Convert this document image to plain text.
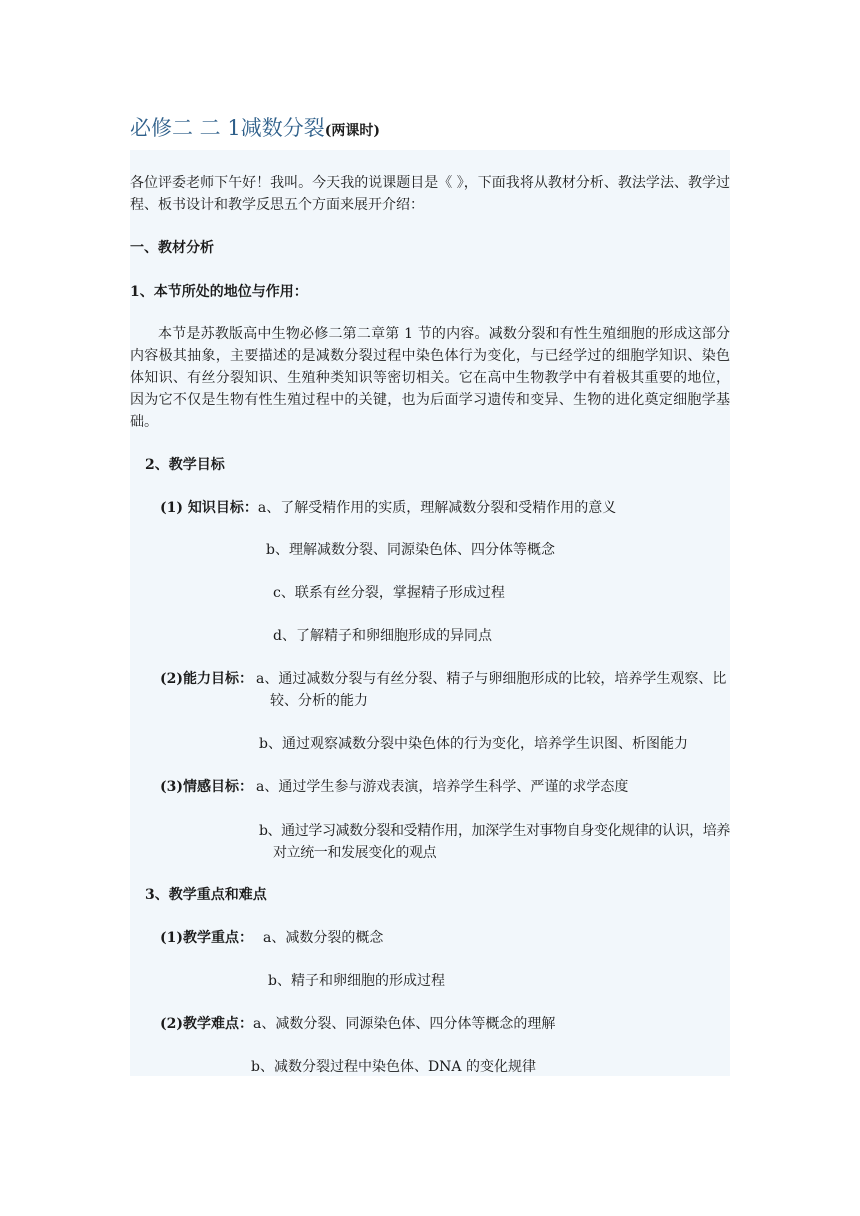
必修二 二 1减数分裂(两课时)
各位评委老师下午好！我叫。今天我的说课题目是《 》，下面我将从教材分析、教法学法、教学过程、板书设计和教学反思五个方面来展开介绍：
一、教材分析
1、本节所处的地位与作用：
本节是苏教版高中生物必修二第二章第 1 节的内容。减数分裂和有性生殖细胞的形成这部分内容极其抽象，主要描述的是减数分裂过程中染色体行为变化，与已经学过的细胞学知识、染色体知识、有丝分裂知识、生殖种类知识等密切相关。它在高中生物教学中有着极其重要的地位，因为它不仅是生物有性生殖过程中的关键，也为后面学习遗传和变异、生物的进化奠定细胞学基础。
2、教学目标
(1) 知识目标：a、了解受精作用的实质，理解减数分裂和受精作用的意义
b、理解减数分裂、同源染色体、四分体等概念
c、联系有丝分裂，掌握精子形成过程
d、了解精子和卵细胞形成的异同点
(2)能力目标： a、通过减数分裂与有丝分裂、精子与卵细胞形成的比较，培养学生观察、比较、分析的能力
b、通过观察减数分裂中染色体的行为变化，培养学生识图、析图能力
(3)情感目标： a、通过学生参与游戏表演，培养学生科学、严谨的求学态度
b、通过学习减数分裂和受精作用，加深学生对事物自身变化规律的认识，培养对立统一和发展变化的观点
3、教学重点和难点
(1)教学重点： a、减数分裂的概念
b、精子和卵细胞的形成过程
(2)教学难点：a、减数分裂、同源染色体、四分体等概念的理解
b、减数分裂过程中染色体、DNA 的变化规律
